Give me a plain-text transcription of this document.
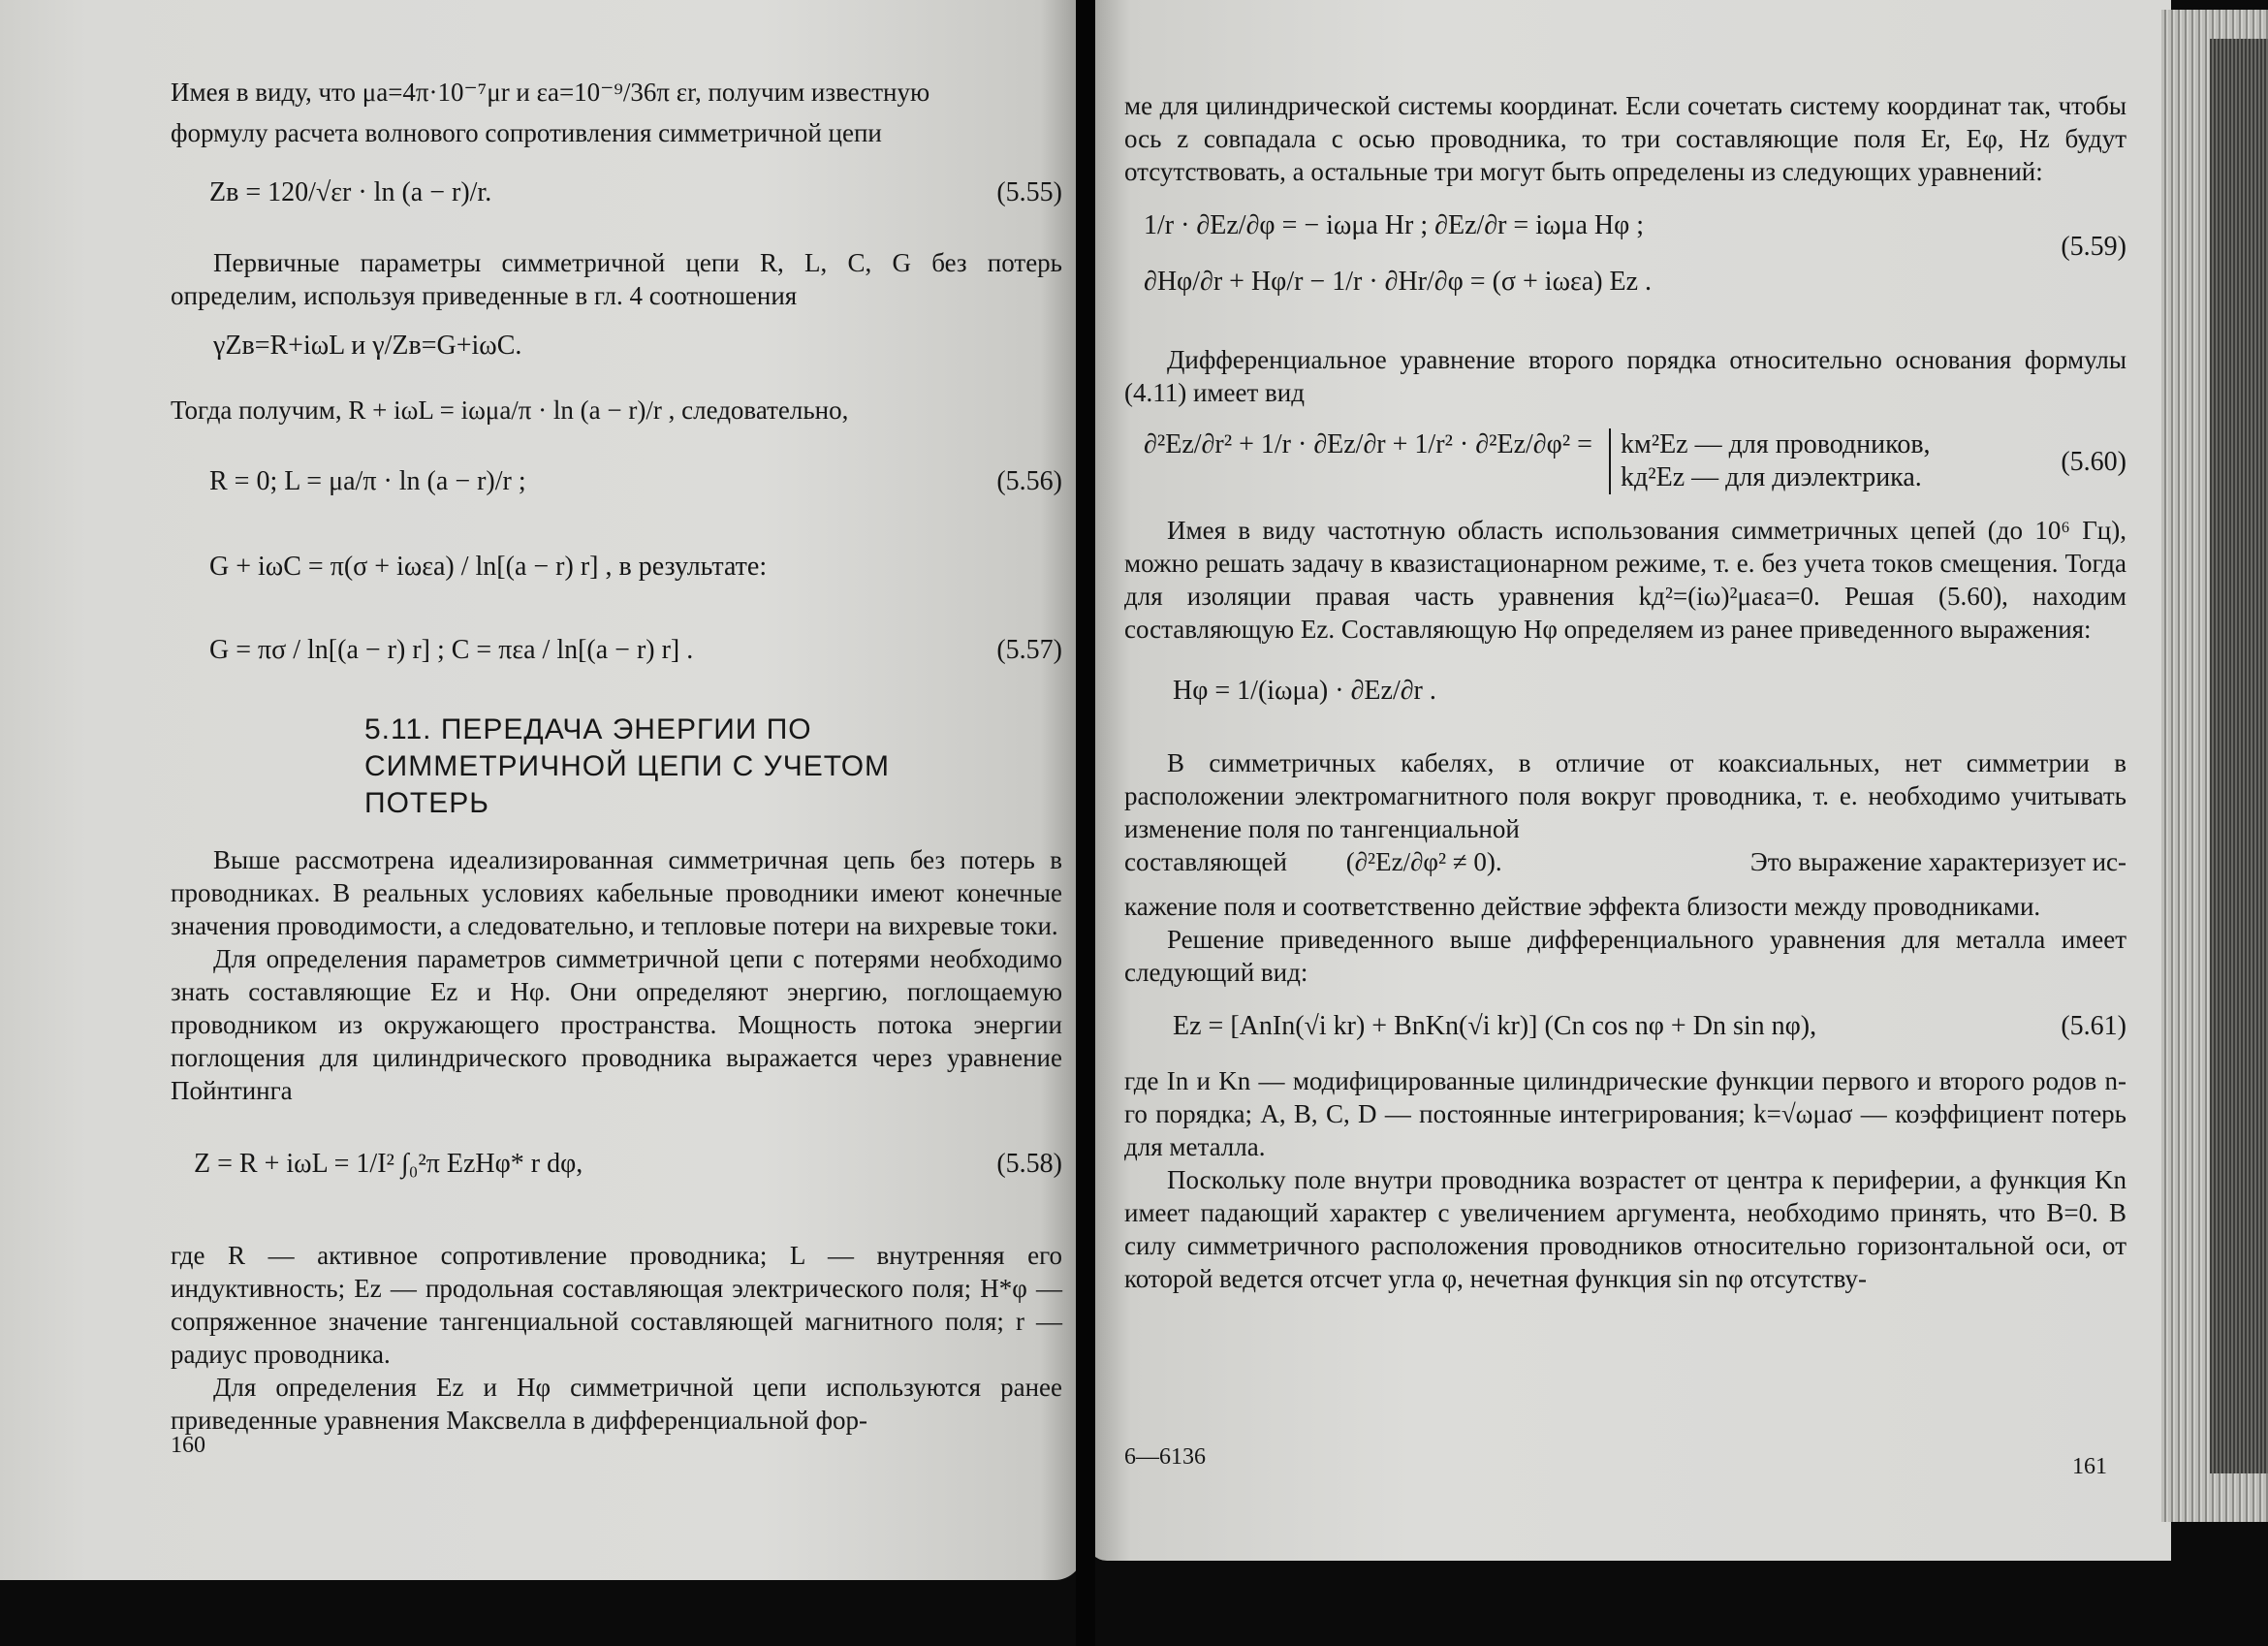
Имея в виду, что μa=4π·10⁻⁷μr и εa=10⁻⁹/36π εr, получим известную

формулу расчета волнового сопротивления симметричной цепи

Zв = 120/√εr · ln (a − r)/r.	(5.55)

Первичные параметры симметричной цепи R, L, C, G без потерь определим, используя приведенные в гл. 4 соотношения

γZв=R+iωL и γ/Zв=G+iωC.

Тогда получим, R + iωL = iωμa/π · ln (a − r)/r , следовательно,

R = 0; L = μa/π · ln (a − r)/r ;	(5.56)
G + iωC = π(σ + iωεa) / ln[(a − r) r] , в результате:
G = πσ / ln[(a − r) r] ; C = πεa / ln[(a − r) r] .	(5.57)
5.11. ПЕРЕДАЧА ЭНЕРГИИ ПО
СИММЕТРИЧНОЙ ЦЕПИ С УЧЕТОМ
ПОТЕРЬ

Выше рассмотрена идеализированная симметричная цепь без потерь в проводниках. В реальных условиях кабельные проводники имеют конечные значения проводимости, а следовательно, и тепловые потери на вихревые токи.

Для определения параметров симметричной цепи с потерями необходимо знать составляющие Ez и Hφ. Они определяют энергию, поглощаемую проводником из окружающего пространства. Мощность потока энергии поглощения для цилиндрического проводника выражается через уравнение Пойнтинга

Z = R + iωL = 1/I² ∫₀²π EzHφ* r dφ,	(5.58)

где R — активное сопротивление проводника; L — внутренняя его индуктивность; Ez — продольная составляющая электрического поля; H*φ — сопряженное значение тангенциальной составляющей магнитного поля; r — радиус проводника.

Для определения Ez и Hφ симметричной цепи используются ранее приведенные уравнения Максвелла в дифференциальной фор-

160

ме для цилиндрической системы координат. Если сочетать систему координат так, чтобы ось z совпадала с осью проводника, то три составляющие поля Er, Eφ, Hz будут отсутствовать, а остальные три могут быть определены из следующих уравнений:

1/r · ∂Ez/∂φ = − iωμa Hr ; ∂Ez/∂r = iωμa Hφ ;
∂Hφ/∂r + Hφ/r − 1/r · ∂Hr/∂φ = (σ + iωεa) Ez .
(5.59)

Дифференциальное уравнение второго порядка относительно основания формулы (4.11) имеет вид

∂²Ez/∂r² + 1/r · ∂Ez/∂r + 1/r² · ∂²Ez/∂φ² = kм²Ez — для проводников,
kд²Ez — для диэлектрика.
(5.60)

Имея в виду частотную область использования симметричных цепей (до 10⁶ Гц), можно решать задачу в квазистационарном режиме, т. е. без учета токов смещения. Тогда для изоляции правая часть уравнения kд²=(iω)²μaεa=0. Решая (5.60), находим составляющую Ez. Составляющую Hφ определяем из ранее приведенного выражения:

Hφ = 1/(iωμa) · ∂Ez/∂r .

В симметричных кабелях, в отличие от коаксиальных, нет симметрии в расположении электромагнитного поля вокруг проводника, т. е. необходимо учитывать изменение поля по тангенциальной

составляющей (∂²Ez/∂φ² ≠ 0).	Это выражение характеризует ис-

кажение поля и соответственно действие эффекта близости между проводниками.

Решение приведенного выше дифференциального уравнения для металла имеет следующий вид:

Ez = [AnIn(√i kr) + BnKn(√i kr)] (Cn cos nφ + Dn sin nφ),	(5.61)

где In и Kn — модифицированные цилиндрические функции первого и второго родов n-го порядка; A, B, C, D — постоянные интегрирования; k=√ωμaσ — коэффициент потерь для металла.

Поскольку поле внутри проводника возрастет от центра к периферии, а функция Kn имеет падающий характер с увеличением аргумента, необходимо принять, что B=0. В силу симметричного расположения проводников относительно горизонтальной оси, от которой ведется отсчет угла φ, нечетная функция sin nφ отсутству-

6—6136	161
